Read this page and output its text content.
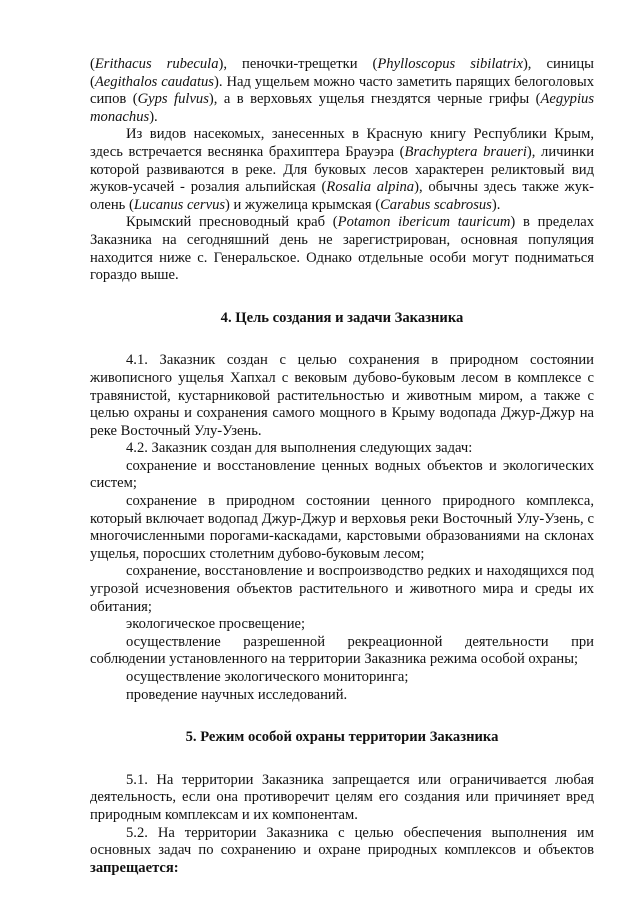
(Erithacus rubecula), пеночки-трещетки (Phylloscopus sibilatrix), синицы (Aegithalos caudatus). Над ущельем можно часто заметить парящих белоголовых сипов (Gyps fulvus), а в верховьях ущелья гнездятся черные грифы (Aegypius monachus).

Из видов насекомых, занесенных в Красную книгу Республики Крым, здесь встречается веснянка брахиптера Брауэра (Brachyptera braueri), личинки которой развиваются в реке. Для буковых лесов характерен реликтовый вид жуков-усачей - розалия альпийская (Rosalia alpina), обычны здесь также жук-олень (Lucanus cervus) и жужелица крымская (Carabus scabrosus).

Крымский пресноводный краб (Potamon ibericum tauricum) в пределах Заказника на сегодняшний день не зарегистрирован, основная популяция находится ниже с. Генеральское. Однако отдельные особи могут подниматься гораздо выше.

4. Цель создания и задачи Заказника

4.1. Заказник создан с целью сохранения в природном состоянии живописного ущелья Хапхал с вековым дубово-буковым лесом в комплексе с травянистой, кустарниковой растительностью и животным миром, а также с целью охраны и сохранения самого мощного в Крыму водопада Джур-Джур на реке Восточный Улу-Узень.

4.2. Заказник создан для выполнения следующих задач:

сохранение и восстановление ценных водных объектов и экологических систем;

сохранение в природном состоянии ценного природного комплекса, который включает водопад Джур-Джур и верховья реки Восточный Улу-Узень, с многочисленными порогами-каскадами, карстовыми образованиями на склонах ущелья, поросших столетним дубово-буковым лесом;

сохранение, восстановление и воспроизводство редких и находящихся под угрозой исчезновения объектов растительного и животного мира и среды их обитания;

экологическое просвещение;

осуществление разрешенной рекреационной деятельности при соблюдении установленного на территории Заказника режима особой охраны;

осуществление экологического мониторинга;

проведение научных исследований.

5. Режим особой охраны территории Заказника

5.1. На территории Заказника запрещается или ограничивается любая деятельность, если она противоречит целям его создания или причиняет вред природным комплексам и их компонентам.

5.2. На территории Заказника с целью обеспечения выполнения им основных задач по сохранению и охране природных комплексов и объектов запрещается:
